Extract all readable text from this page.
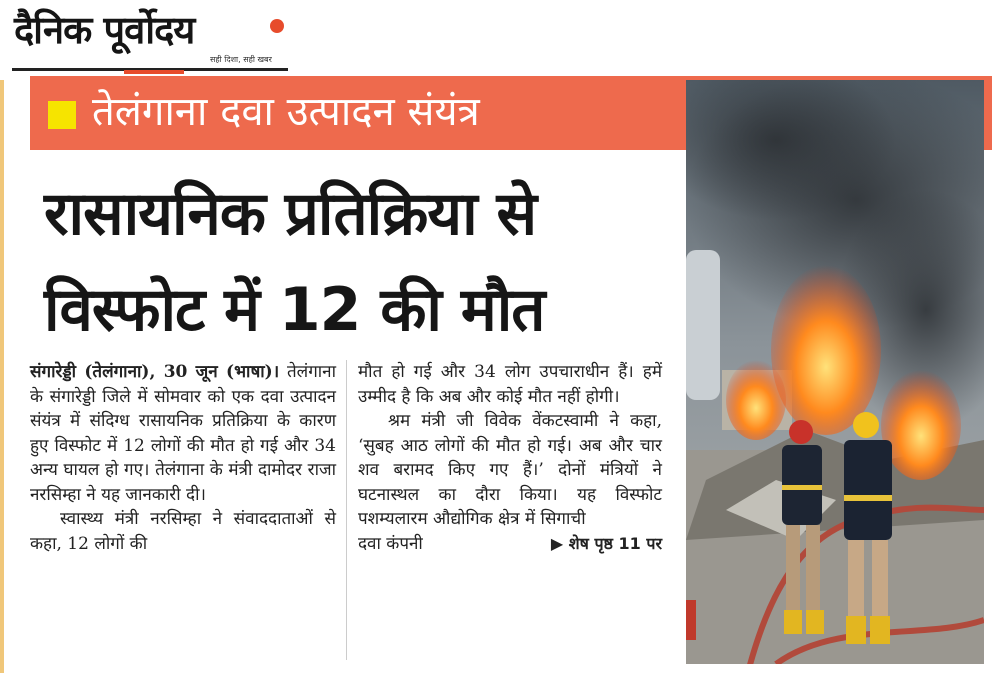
दैनिक पूर्वोदय
सही दिशा, सही खबर
तेलंगाना दवा उत्पादन संयंत्र
रासायनिक प्रतिक्रिया से
विस्फोट में 12 की मौत

संगारेड्डी (तेलंगाना), 30 जून (भाषा)। तेलंगाना के संगारेड्डी जिले में सोमवार को एक दवा उत्पादन संयंत्र में संदिग्ध रासायनिक प्रतिक्रिया के कारण हुए विस्फोट में 12 लोगों की मौत हो गई और 34 अन्य घायल हो गए। तेलंगाना के मंत्री दामोदर राजा नरसिम्हा ने यह जानकारी दी।

स्वास्थ्य मंत्री नरसिम्हा ने संवाददाताओं से कहा, 12 लोगों की

मौत हो गई और 34 लोग उपचाराधीन हैं। हमें उम्मीद है कि अब और कोई मौत नहीं होगी।

श्रम मंत्री जी विवेक वेंकटस्वामी ने कहा, ‘सुबह आठ लोगों की मौत हो गई। अब और चार शव बरामद किए गए हैं।’ दोनों मंत्रियों ने घटनास्थल का दौरा किया। यह विस्फोट पशम्यलारम औद्योगिक क्षेत्र में सिगाची

दवा कंपनी	▶ शेष पृष्ठ 11 पर
